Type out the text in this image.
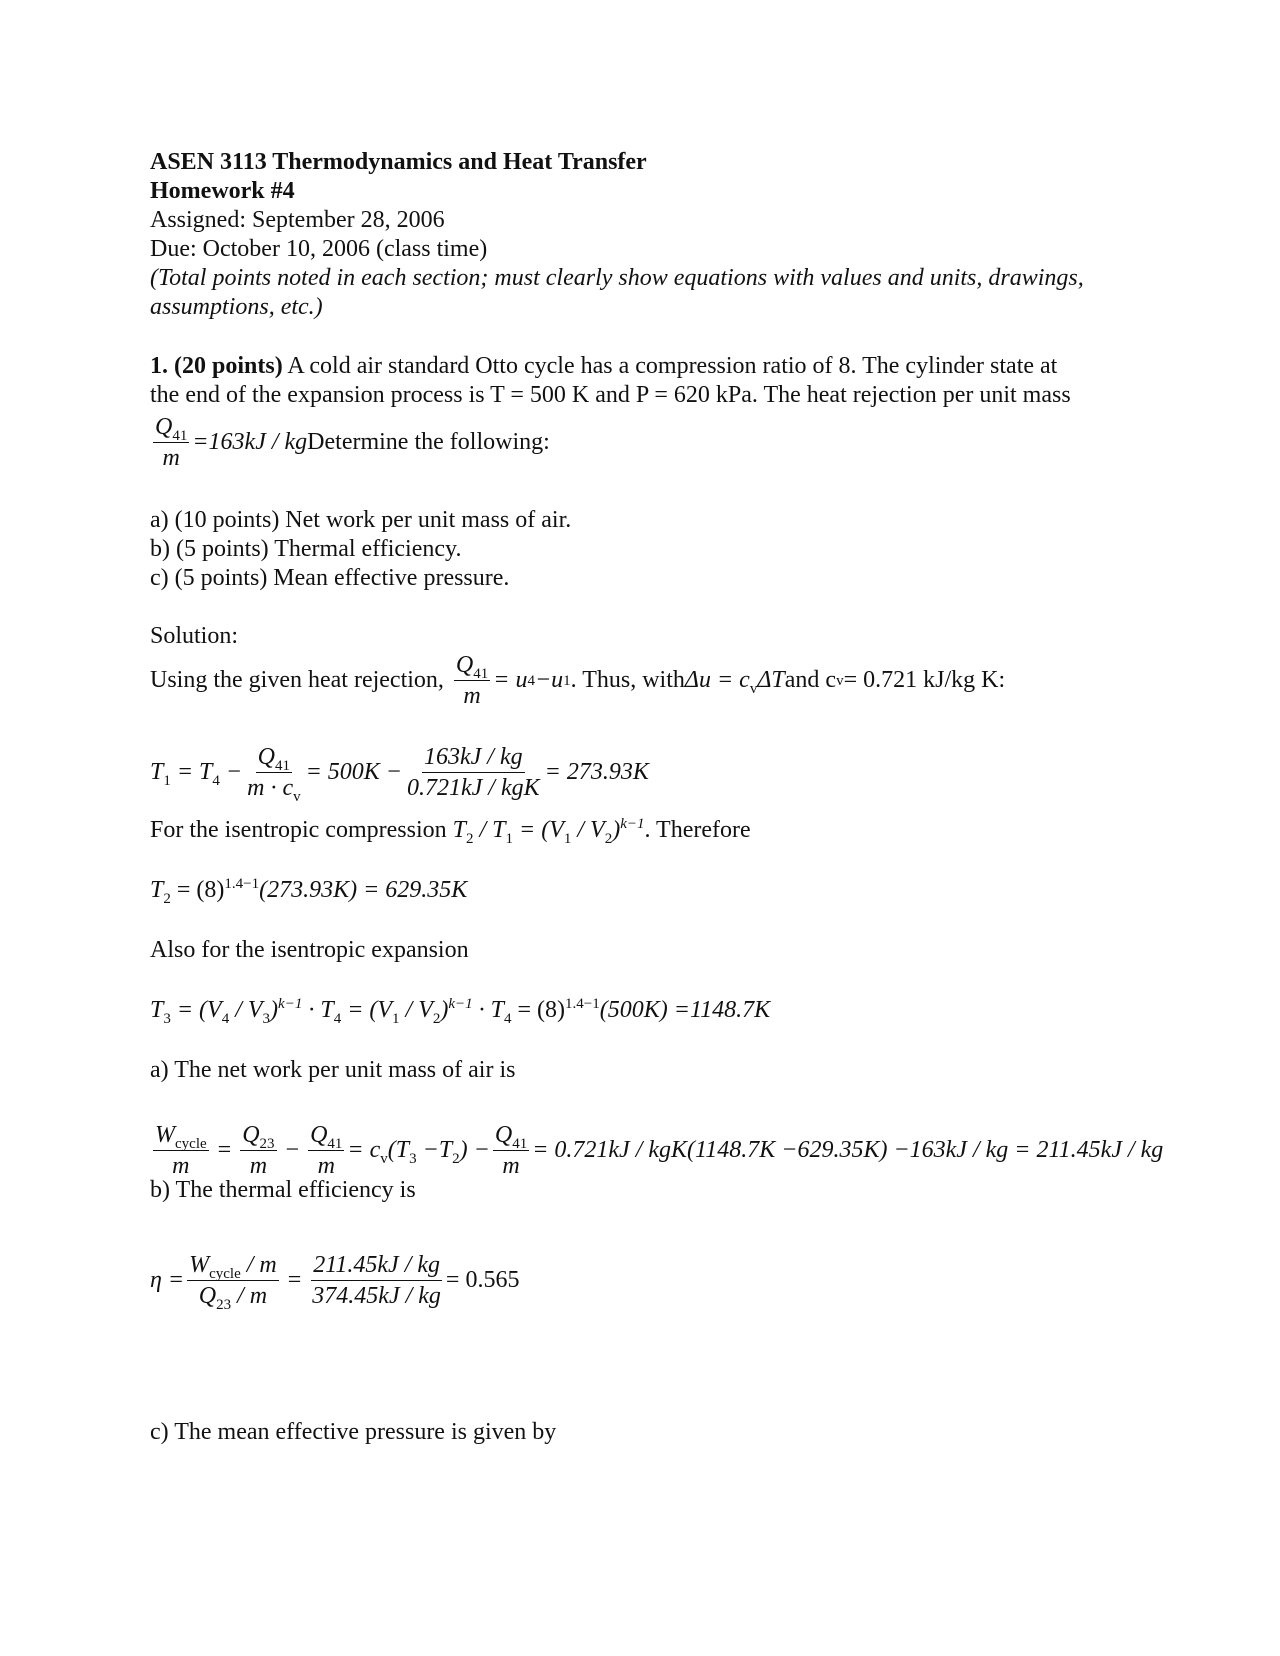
ASEN 3113 Thermodynamics and Heat Transfer
Homework #4
Assigned: September 28, 2006
Due: October 10, 2006 (class time)
(Total points noted in each section; must clearly show equations with values and units, drawings,
assumptions, etc.)
1. (20 points) A cold air standard Otto cycle has a compression ratio of 8. The cylinder state at
the end of the expansion process is T = 500 K and P = 620 kPa. The heat rejection per unit mass
$\frac{Q_{41}}{m} =163kJ$ / kg Determine the following:
a) (10 points) Net work per unit mass of air.
b) (5 points) Thermal efficiency.
c) (5 points) Mean effective pressure.
Solution:
Using the given heat rejection, $\frac{Q_{41}}{m} = u$ 4 −u 1 . Thus, with $\Delta u = c_v\Delta T$ and c v = 0.721 kJ/kg K:
$T_1 = T_4 - \frac{Q_{41}}{m \cdot c_v} = 500K - \frac{163kJ / kg}{\text{0.721kJ / kgK}} = 273.93K$
For the isentropic compression $T_2 / T_1 = (V_1 / V_2)^{k-1}$. Therefore
$T_2 = (8)^{1.4-1}(273.93K) = 629.35K$
Also for the isentropic expansion
$T_3 = (V_4 / V_3)^{k-1} \cdot T_4 = (V_1 / V_2)^{k-1} \cdot T_4 = (8)^{1.4-1}(500K) =1148.7K$
a) The net work per unit mass of air is
$\frac{W_{cycle}}{m} = \frac{Q_{23}}{m} - \frac{Q_{41}}{m} = c_v(T_3 -T_2) - \frac{Q_{41}}{m} = 0.721kJ / kgK(1148.7K -629.35K) -163kJ$ / kg = 211.45kJ / kg
b) The thermal efficiency is
$\eta = \frac{W_{cycle} / m}{Q_{23} / m} = \frac{211.45kJ / kg}{374.45kJ / kg} = 0.565$
c) The mean effective pressure is given by
